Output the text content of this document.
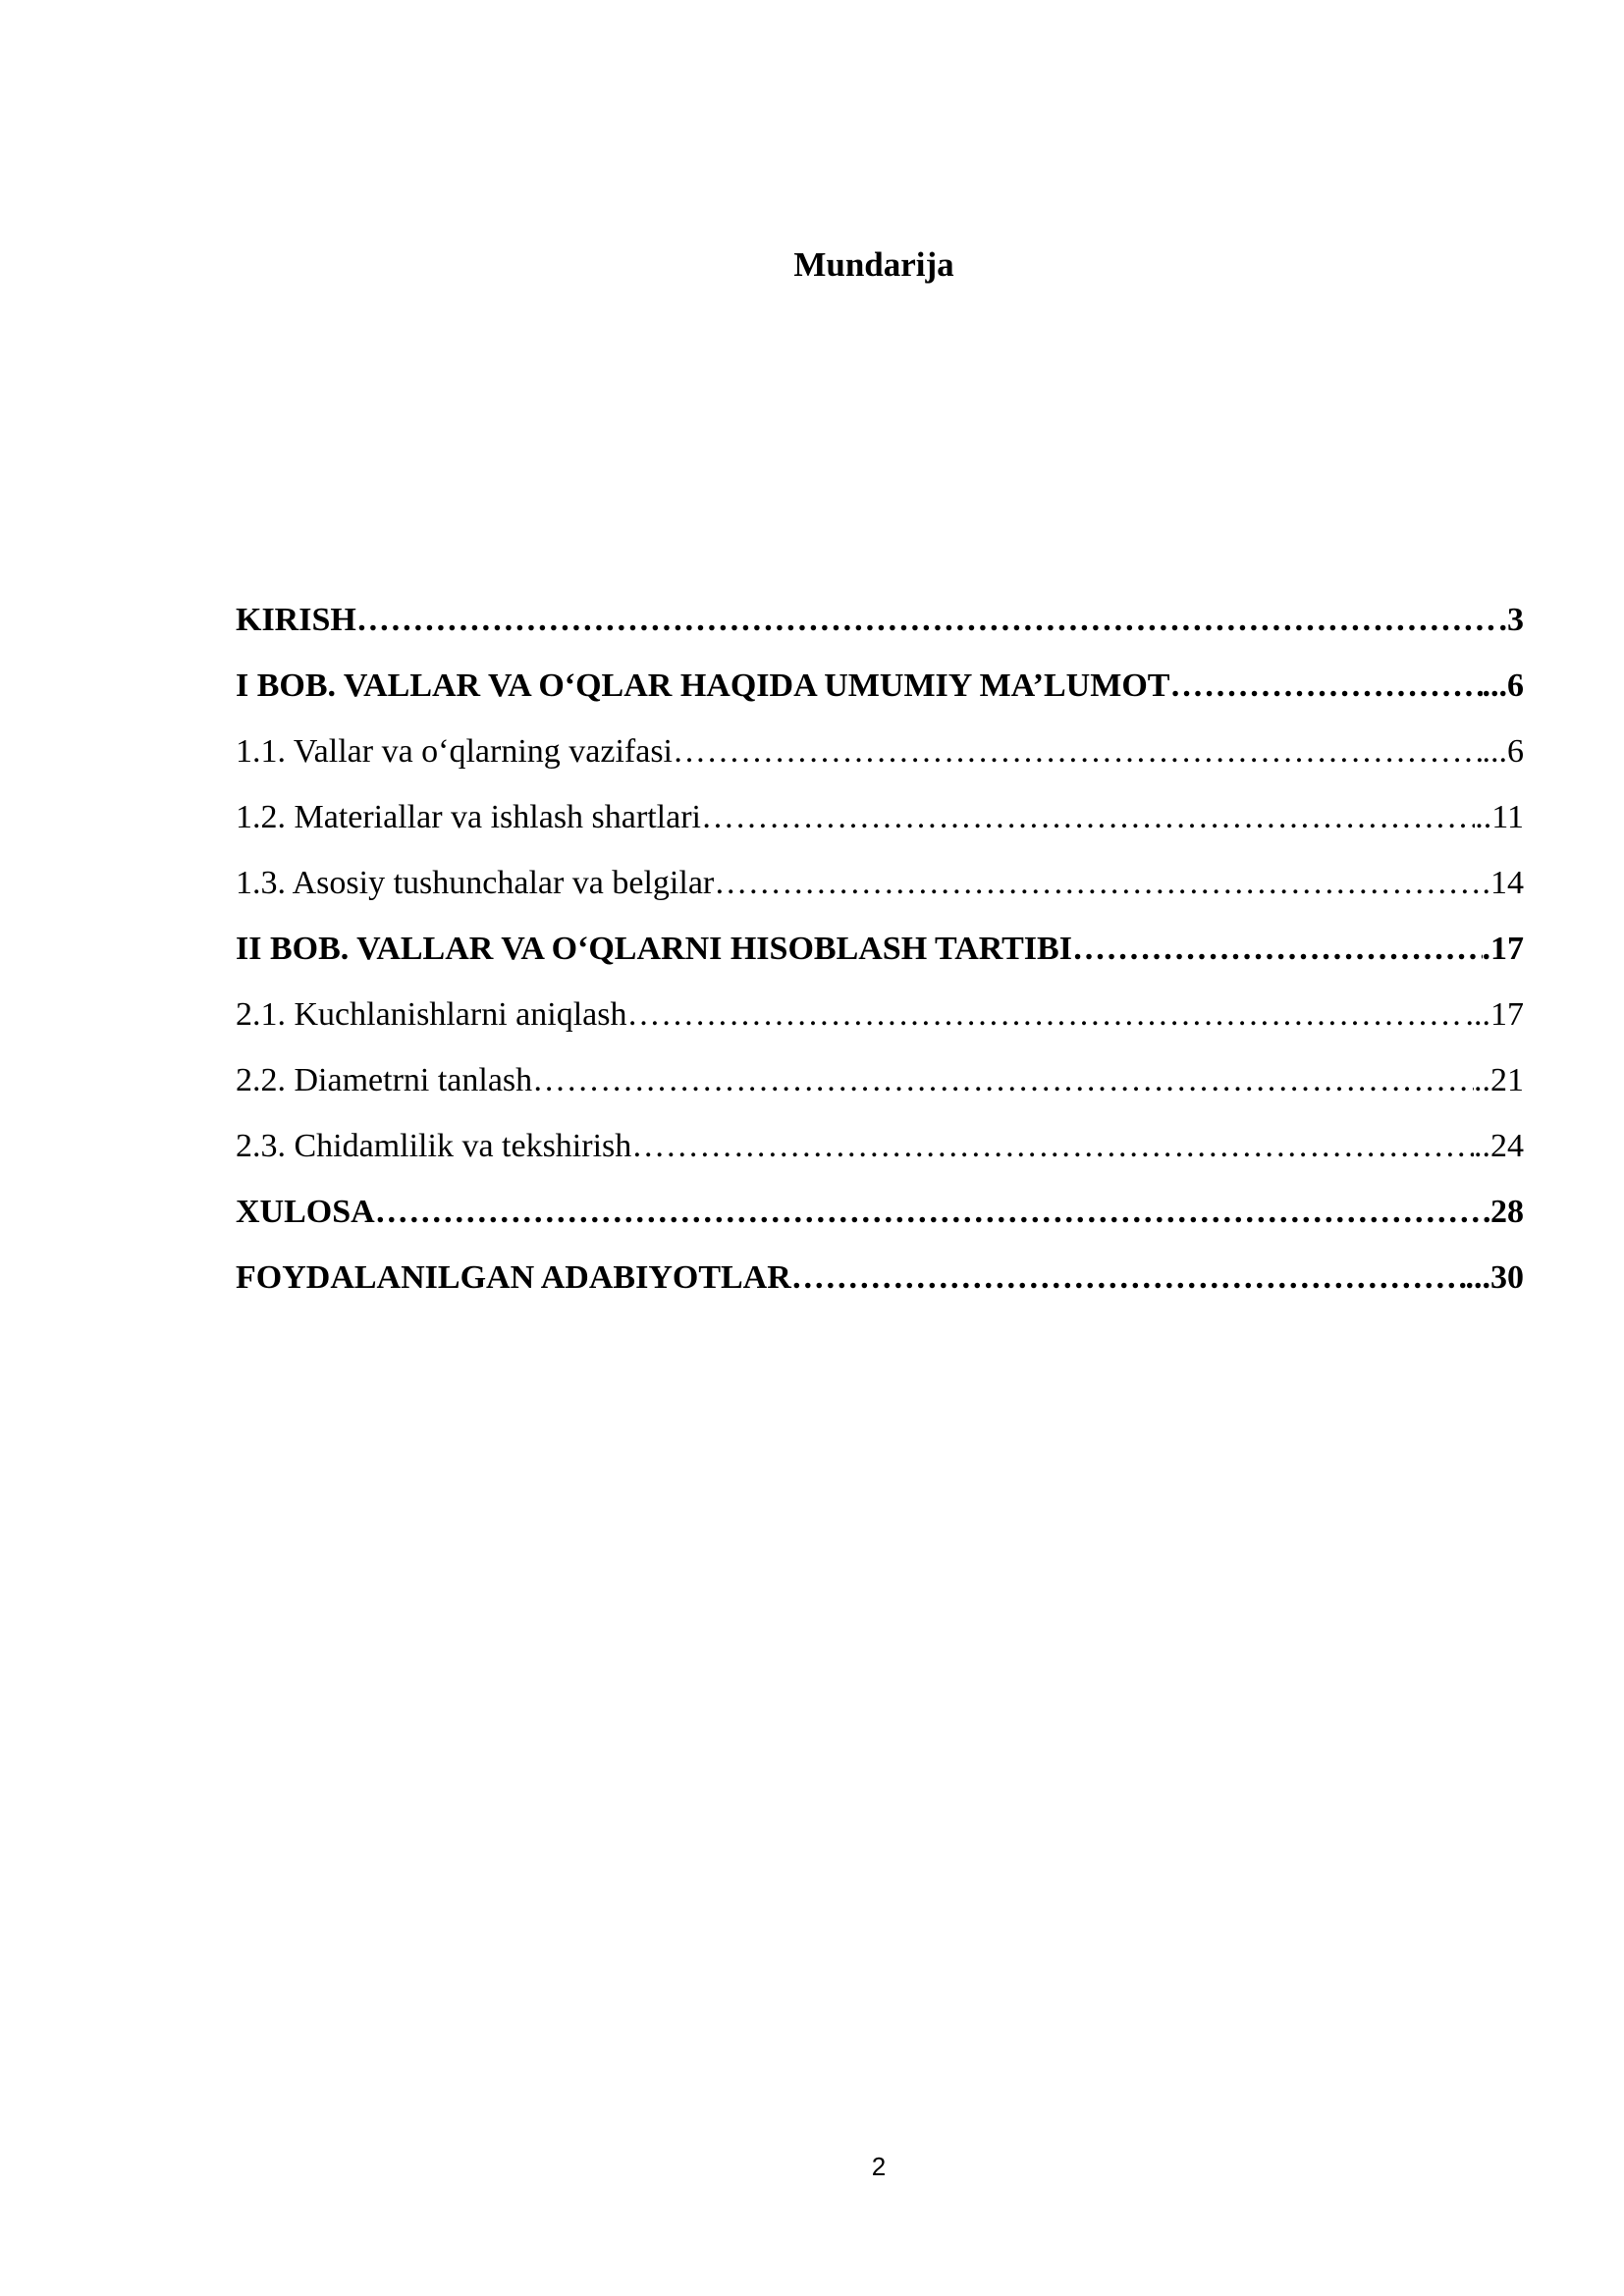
Mundarija
KIRISH ……………………………………………………………………………………………………………………………………………………	.3
I BOB. VALLAR VA O‘QLAR HAQIDA UMUMIY MA’LUMOT ……………………………………………………………………………………………………………………………………………………	...6
1.1. Vallar va o‘qlarning vazifasi ……………………………………………………………………………………………………………………………………………………	...6
1.2. Materiallar va ishlash shartlari ……………………………………………………………………………………………………………………………………………………	..11
1.3. Asosiy tushunchalar va belgilar ……………………………………………………………………………………………………………………………………………………	.14
II BOB. VALLAR VA O‘QLARNI HISOBLASH TARTIBI ……………………………………………………………………………………………………………………………………………………	.17
2.1. Kuchlanishlarni aniqlash ……………………………………………………………………………………………………………………………………………………	...17
2.2. Diametrni tanlash ……………………………………………………………………………………………………………………………………………………	..21
2.3. Chidamlilik va tekshirish ……………………………………………………………………………………………………………………………………………………	..24
XULOSA ……………………………………………………………………………………………………………………………………………………	28
FOYDALANILGAN ADABIYOTLAR ……………………………………………………………………………………………………………………………………………………	...30
2
